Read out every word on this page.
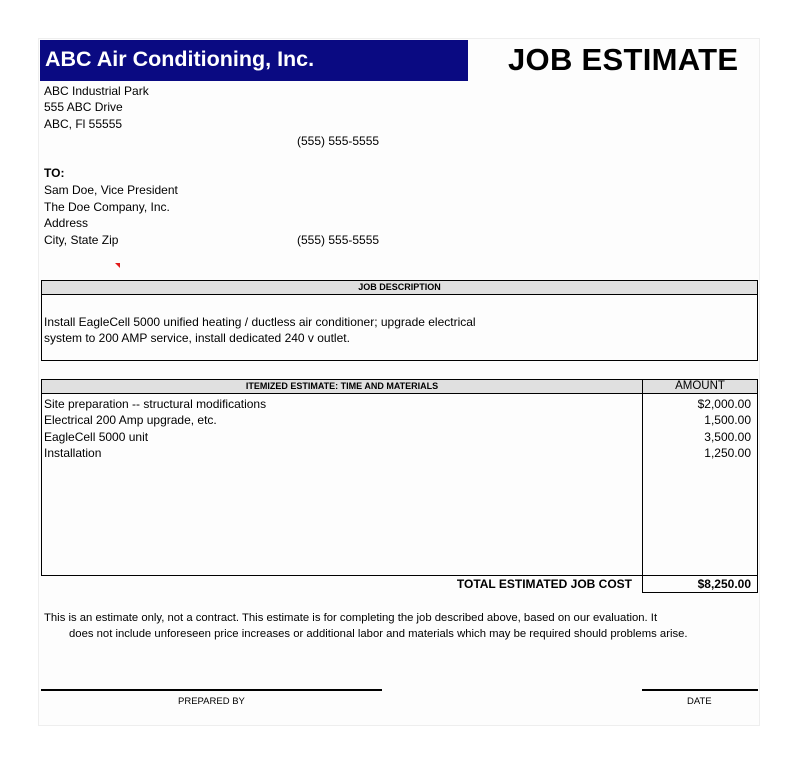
ABC Air Conditioning, Inc.	JOB ESTIMATE
ABC Industrial Park
555 ABC Drive
ABC, Fl 55555
(555) 555-5555
TO:
Sam Doe, Vice President
The Doe Company, Inc.
Address
City, State Zip	(555) 555-5555
JOB DESCRIPTION
Install EagleCell 5000 unified heating / ductless air conditioner; upgrade electrical
system to 200 AMP service, install dedicated 240 v outlet.
ITEMIZED ESTIMATE: TIME AND MATERIALS	AMOUNT
Site preparation -- structural modifications	$2,000.00
Electrical 200 Amp upgrade, etc.	1,500.00
EagleCell 5000 unit	3,500.00
Installation	1,250.00
TOTAL ESTIMATED JOB COST	$8,250.00
This is an estimate only, not a contract. This estimate is for completing the job described above, based on our evaluation. It
does not include unforeseen price increases or additional labor and materials which may be required should problems arise.
PREPARED BY	DATE
